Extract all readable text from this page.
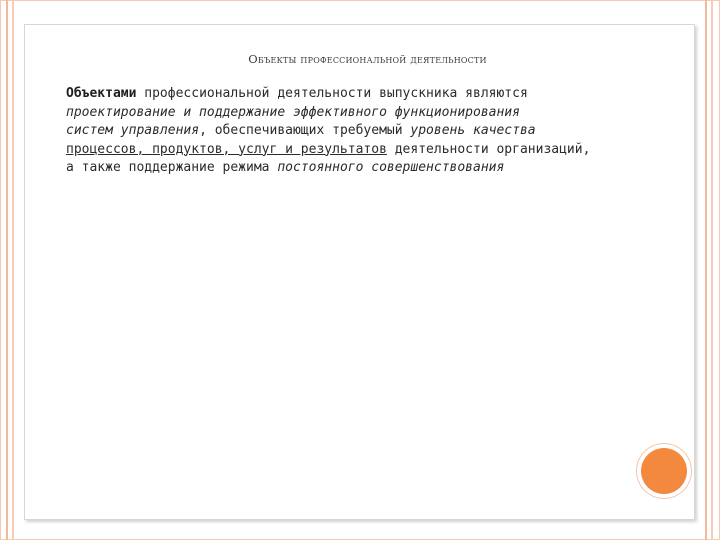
Объекты профессиональной деятельности
Объектами профессиональной деятельности выпускника являются
проектирование и поддержание эффективного функционирования
систем управления, обеспечивающих требуемый уровень качества
процессов, продуктов, услуг и результатов деятельности организаций,
а также поддержание режима постоянного совершенствования
